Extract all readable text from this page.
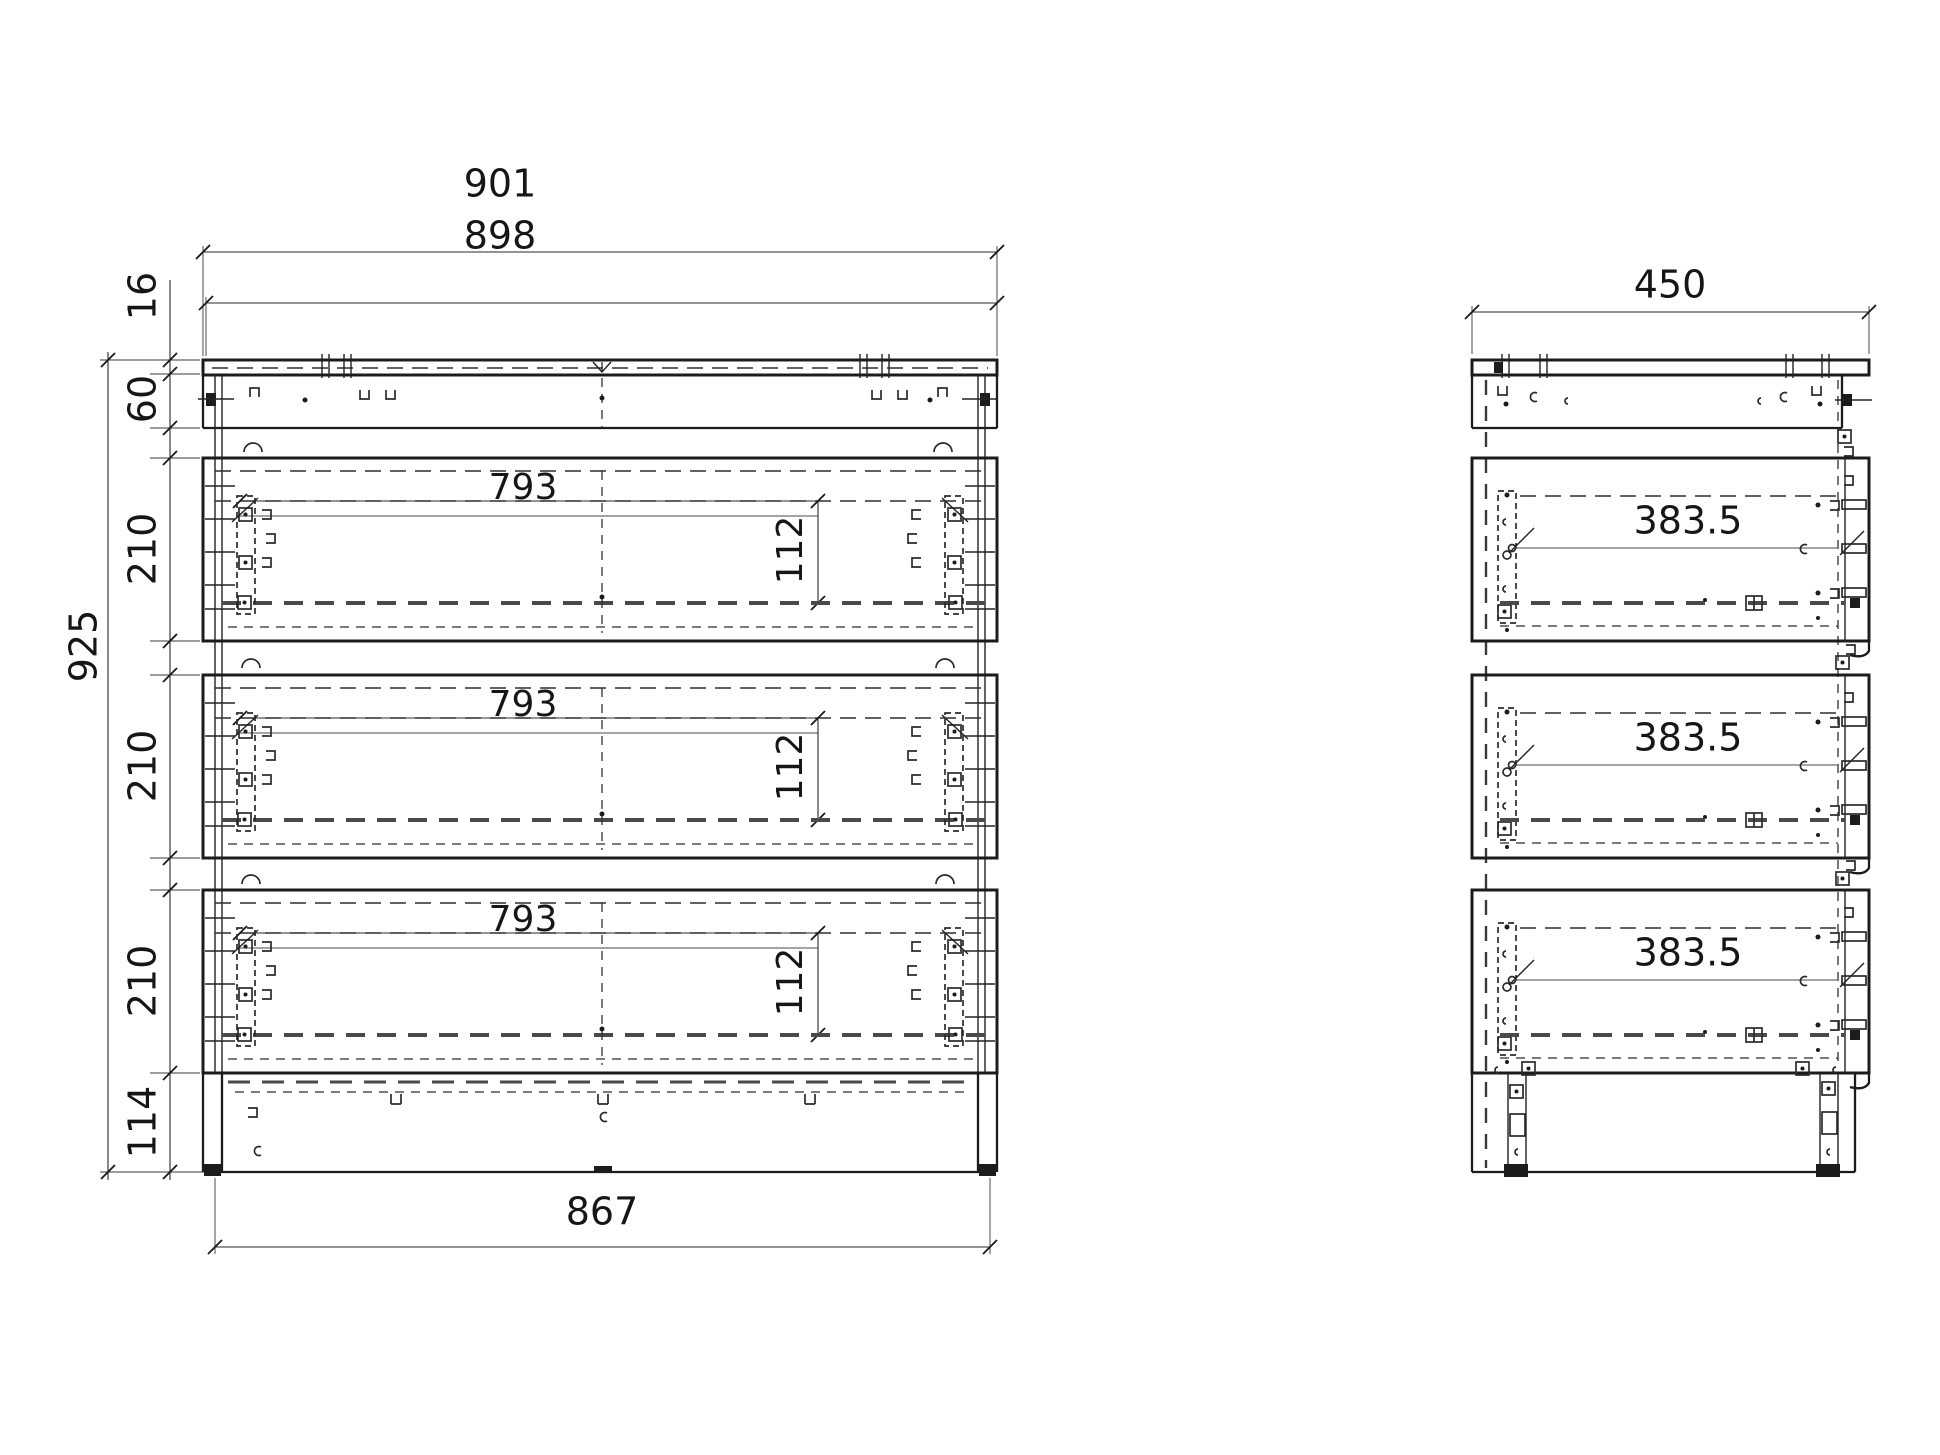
901
898
16
60
925
210
210
210
114
867
793
112
793
112
793
112
450
383.5
383.5
383.5
